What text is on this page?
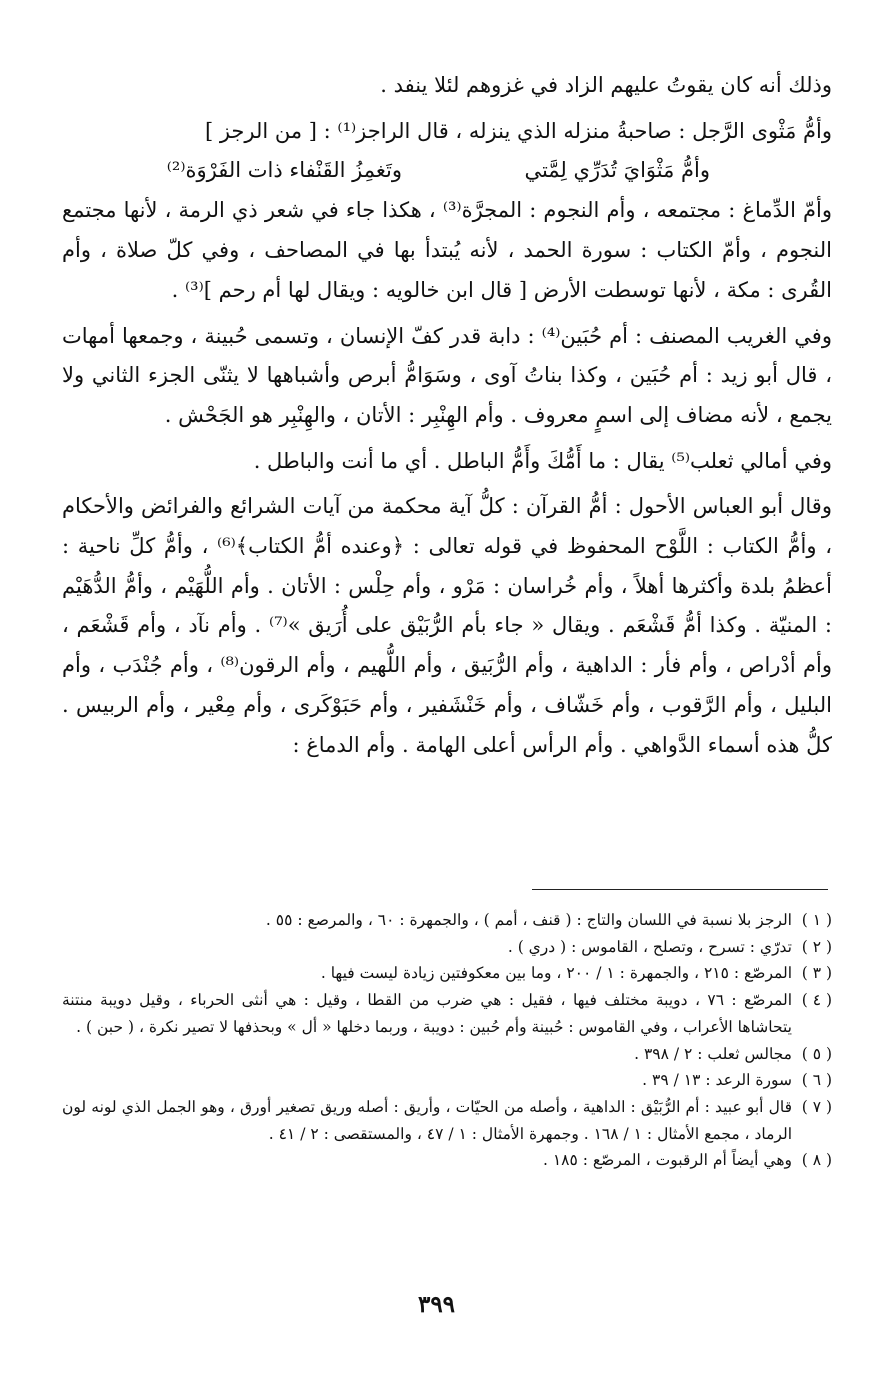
وذلك أنه كان يقوتُ عليهم الزاد في غزوهم لئلا ينفد .

وأمُّ مَثْوى الرَّجل : صاحبةُ منزله الذي ينزله ، قال الراجز⁽¹⁾ : [ من الرجز ]

وأمُّ مَثْوَايَ تُدَرِّي لِمَّتي
وتَغمِزُ القَنْفاء ذات الفَرْوَة⁽²⁾

وأمّ الدِّماغ : مجتمعه ، وأم النجوم : المجرَّة⁽³⁾ ، هكذا جاء في شعر ذي الرمة ، لأنها مجتمع النجوم ، وأمّ الكتاب : سورة الحمد ، لأنه يُبتدأ بها في المصاحف ، وفي كلّ صلاة ، وأم القُرى : مكة ، لأنها توسطت الأرض [ قال ابن خالويه : ويقال لها أم رحم ]⁽³⁾ .

وفي الغريب المصنف : أم حُبَين⁽⁴⁾ : دابة قدر كفّ الإنسان ، وتسمى حُبينة ، وجمعها أمهات ، قال أبو زيد : أم حُبَين ، وكذا بناتُ آوى ، وسَوَامُّ أبرص وأشباهها لا يثنّى الجزء الثاني ولا يجمع ، لأنه مضاف إلى اسمٍ معروف . وأم الهِنْبِر : الأتان ، والهِنْبِر هو الجَحْش .

وفي أمالي ثعلب⁽⁵⁾ يقال : ما أَمُّكَ وأَمُّ الباطل . أي ما أنت والباطل .

وقال أبو العباس الأحول : أمُّ القرآن : كلُّ آية محكمة من آيات الشرائع والفرائض والأحكام ، وأمُّ الكتاب : اللَّوْح المحفوظ في قوله تعالى : ﴿وعنده أمُّ الكتاب﴾⁽⁶⁾ ، وأمُّ كلِّ ناحية : أعظمُ بلدة وأكثرها أهلاً ، وأم خُراسان : مَرْو ، وأم حِلْس : الأتان . وأم اللُّهَيْم ، وأمُّ الدُّهَيْم : المنيّة . وكذا أمُّ قَشْعَم . ويقال « جاء بأم الرُّبَيْق على أُرَيق »⁽⁷⁾ . وأم نآد ، وأم قَشْعَم ، وأم أدْراص ، وأم فأر : الداهية ، وأم الرُّبَيق ، وأم اللُّهيم ، وأم الرقون⁽⁸⁾ ، وأم جُنْدَب ، وأم البليل ، وأم الرَّقوب ، وأم خَشّاف ، وأم خَنْشَفير ، وأم حَبَوْكَرى ، وأم مِعْير ، وأم الربيس . كلُّ هذه أسماء الدَّواهي . وأم الرأس أعلى الهامة . وأم الدماغ :

( ١ )
الرجز بلا نسبة في اللسان والتاج : ( قنف ، أمم ) ، والجمهرة : ٦٠ ، والمرصع : ٥٥ .

( ٢ )
تدرّي : تسرح ، وتصلح ، القاموس : ( دري ) .

( ٣ )
المرصّع : ٢١٥ ، والجمهرة : ١ / ٢٠٠ ، وما بين معكوفتين زيادة ليست فيها .

( ٤ )
المرصّع : ٧٦ ، دويبة مختلف فيها ، فقيل : هي ضرب من القطا ، وقيل : هي أنثى الحرباء ، وقيل دويبة منتنة يتحاشاها الأعراب ، وفي القاموس : حُبينة وأم حُبين : دويبة ، وربما دخلها « أل » وبحذفها لا تصير نكرة ، ( حبن ) .

( ٥ )
مجالس ثعلب : ٢ / ٣٩٨ .

( ٦ )
سورة الرعد : ١٣ / ٣٩ .

( ٧ )
قال أبو عبيد : أم الرُّبَيْق : الداهية ، وأصله من الحيّات ، وأريق : أصله وريق تصغير أورق ، وهو الجمل الذي لونه لون الرماد ، مجمع الأمثال : ١ / ١٦٨ . وجمهرة الأمثال : ١ / ٤٧ ، والمستقصى : ٢ / ٤١ .

( ٨ )
وهي أيضاً أم الرقبوت ، المرصّع : ١٨٥ .

٣٩٩
